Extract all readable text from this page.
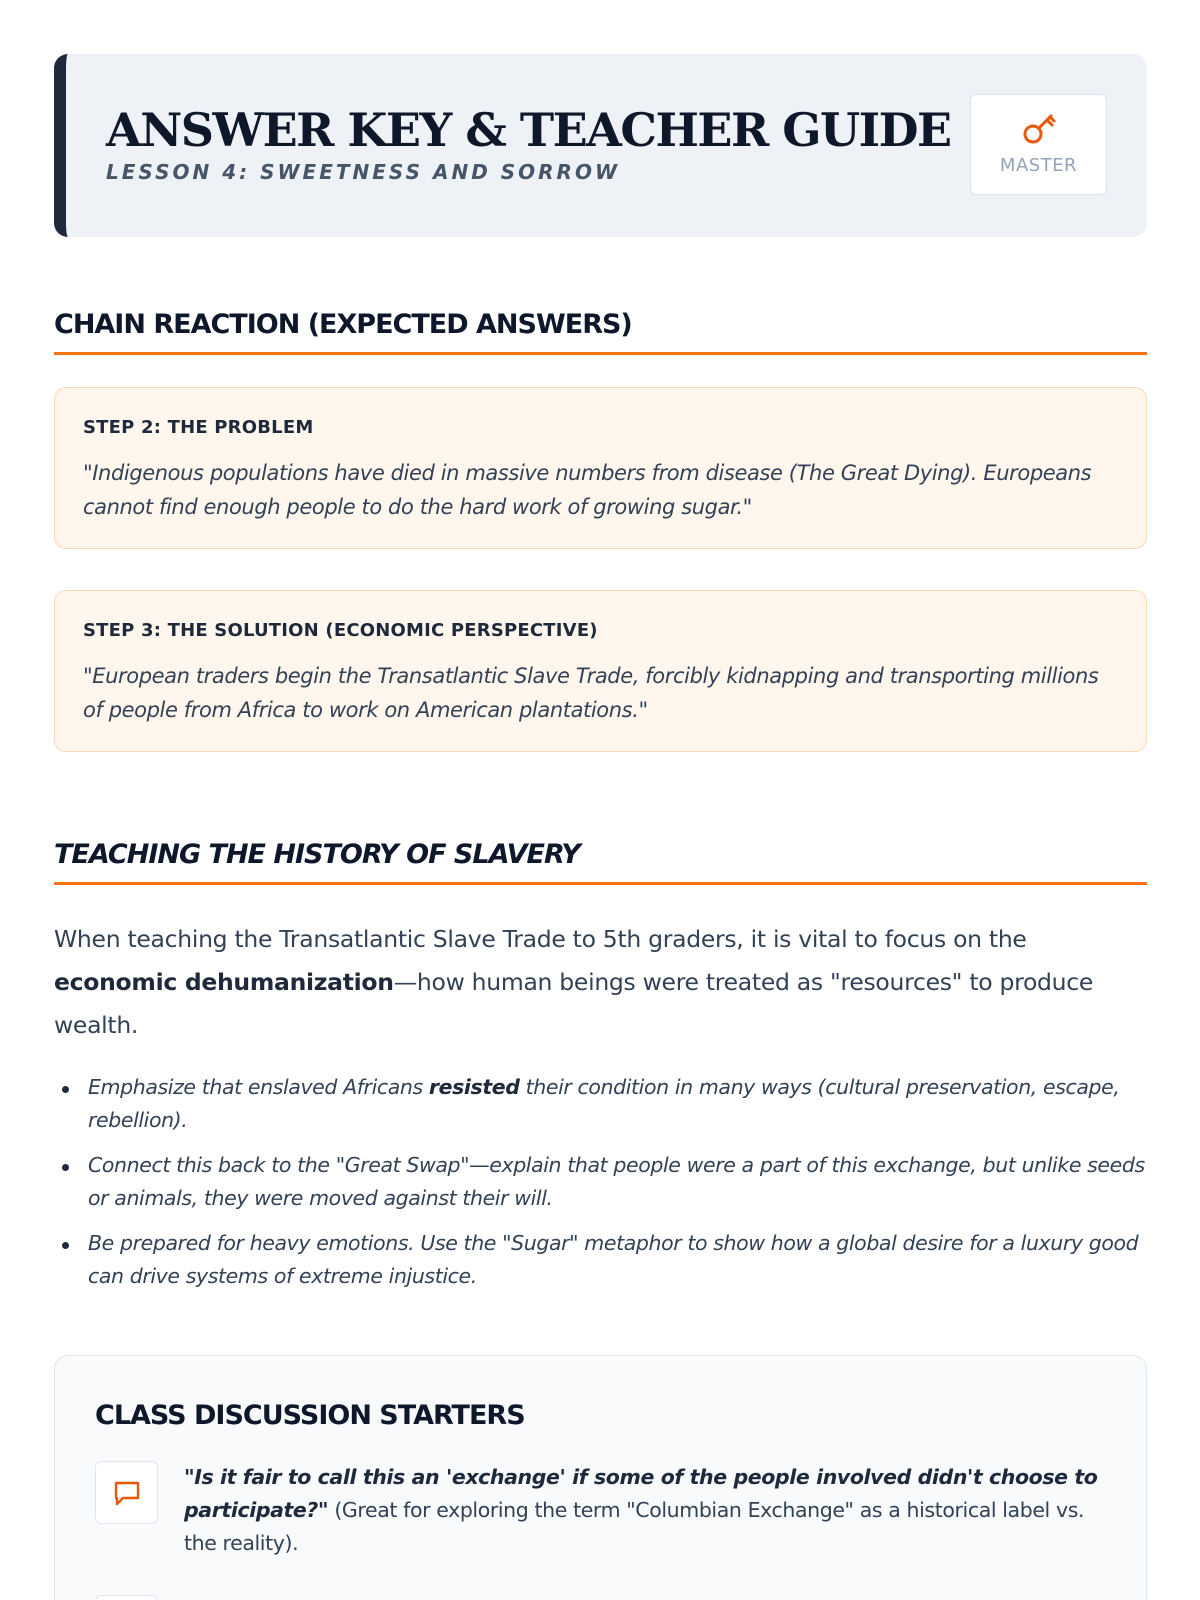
ANSWER KEY & TEACHER GUIDE
LESSON 4: SWEETNESS AND SORROW	MASTER
CHAIN REACTION (EXPECTED ANSWERS)
STEP 2: THE PROBLEM
"Indigenous populations have died in massive numbers from disease (The Great Dying). Europeans cannot find enough people to do the hard work of growing sugar."
STEP 3: THE SOLUTION (ECONOMIC PERSPECTIVE)
"European traders begin the Transatlantic Slave Trade, forcibly kidnapping and transporting millions of people from Africa to work on American plantations."
TEACHING THE HISTORY OF SLAVERY

When teaching the Transatlantic Slave Trade to 5th graders, it is vital to focus on the economic dehumanization—how human beings were treated as "resources" to produce wealth.

Emphasize that enslaved Africans resisted their condition in many ways (cultural preservation, escape, rebellion).
Connect this back to the "Great Swap"—explain that people were a part of this exchange, but unlike seeds or animals, they were moved against their will.
Be prepared for heavy emotions. Use the "Sugar" metaphor to show how a global desire for a luxury good can drive systems of extreme injustice.
CLASS DISCUSSION STARTERS
"Is it fair to call this an 'exchange' if some of the people involved didn't choose to participate?" (Great for exploring the term "Columbian Exchange" as a historical label vs. the reality).
